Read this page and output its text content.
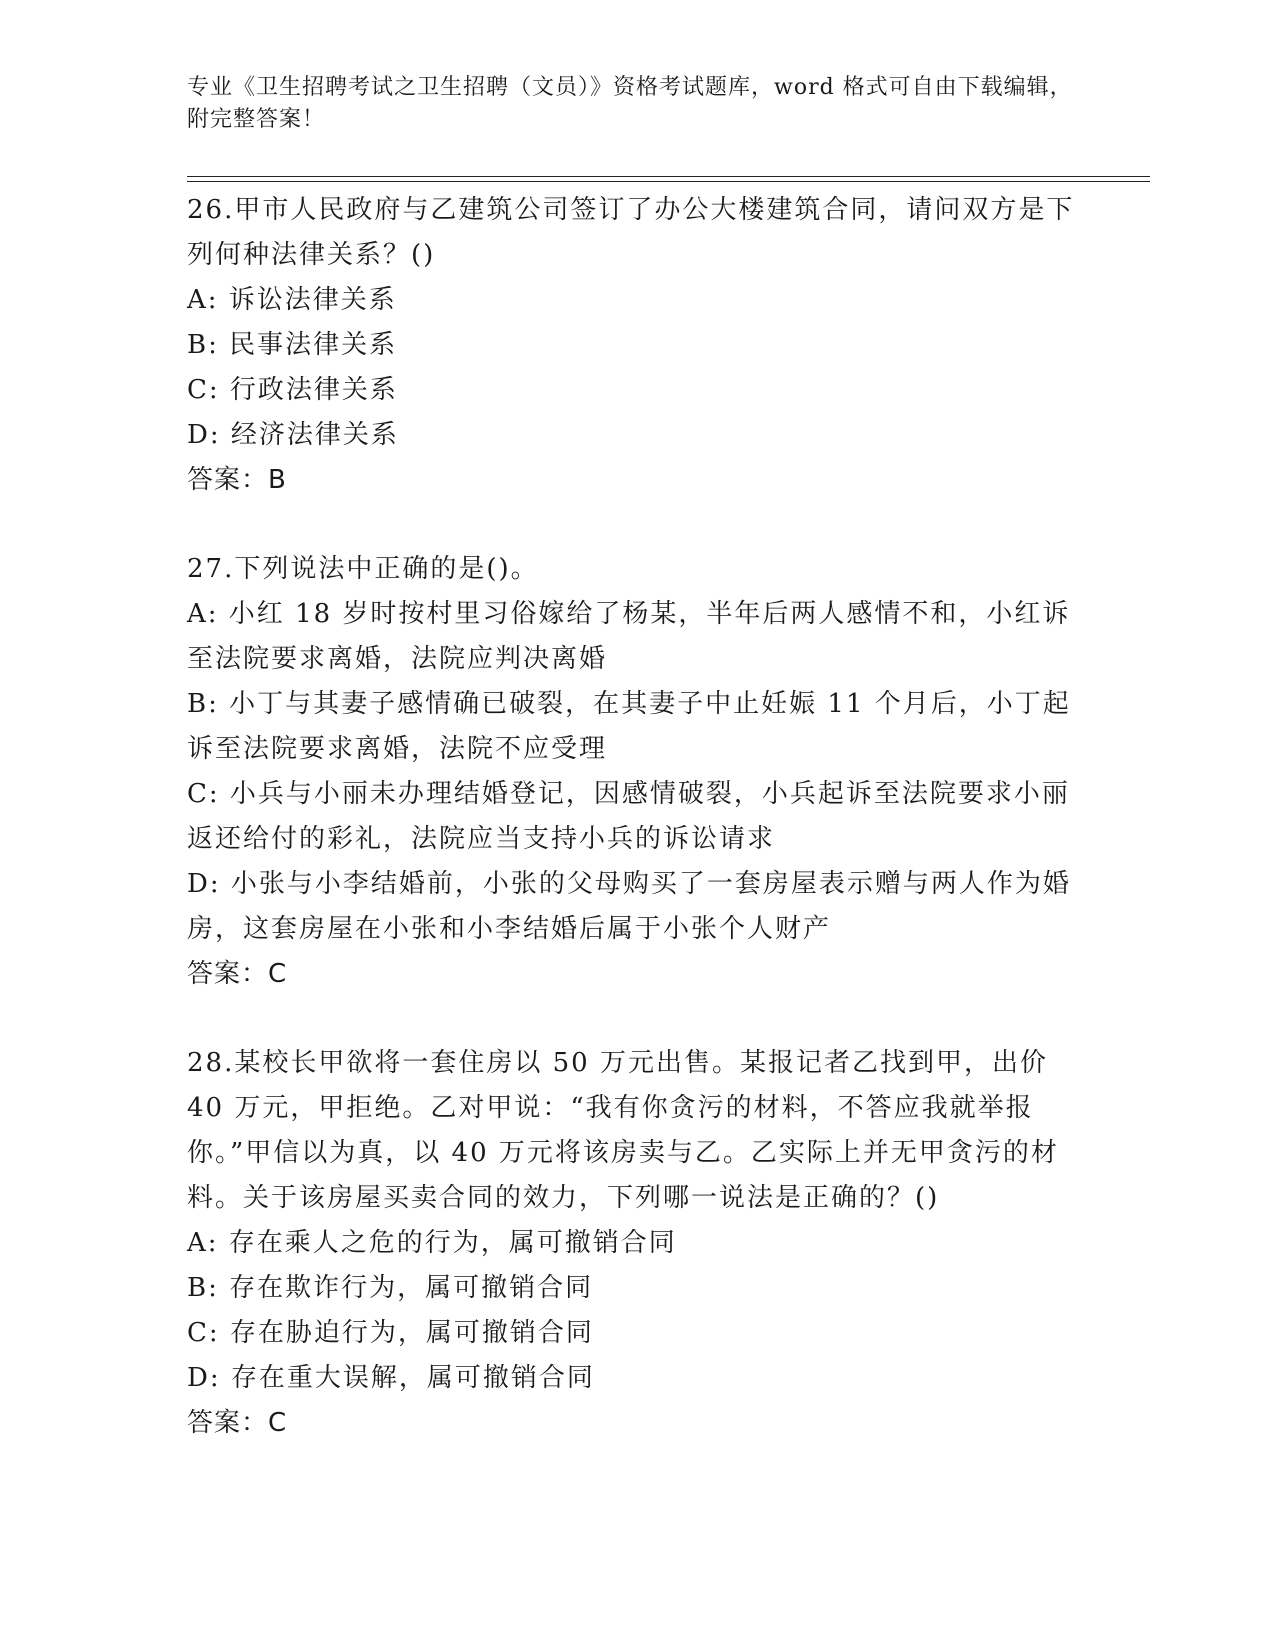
专业《卫生招聘考试之卫生招聘（文员）》资格考试题库，word 格式可自由下载编辑，附完整答案！

26.甲市人民政府与乙建筑公司签订了办公大楼建筑合同，请问双方是下列何种法律关系？()

A: 诉讼法律关系

B: 民事法律关系

C: 行政法律关系

D: 经济法律关系

答案：B

27.下列说法中正确的是()。

A: 小红 18 岁时按村里习俗嫁给了杨某，半年后两人感情不和，小红诉至法院要求离婚，法院应判决离婚

B: 小丁与其妻子感情确已破裂，在其妻子中止妊娠 11 个月后，小丁起诉至法院要求离婚，法院不应受理

C: 小兵与小丽未办理结婚登记，因感情破裂，小兵起诉至法院要求小丽返还给付的彩礼，法院应当支持小兵的诉讼请求

D: 小张与小李结婚前，小张的父母购买了一套房屋表示赠与两人作为婚房，这套房屋在小张和小李结婚后属于小张个人财产

答案：C

28.某校长甲欲将一套住房以 50 万元出售。某报记者乙找到甲，出价 40 万元，甲拒绝。乙对甲说：“我有你贪污的材料，不答应我就举报你。”甲信以为真，以 40 万元将该房卖与乙。乙实际上并无甲贪污的材料。关于该房屋买卖合同的效力，下列哪一说法是正确的？()

A: 存在乘人之危的行为，属可撤销合同

B: 存在欺诈行为，属可撤销合同

C: 存在胁迫行为，属可撤销合同

D: 存在重大误解，属可撤销合同

答案：C
